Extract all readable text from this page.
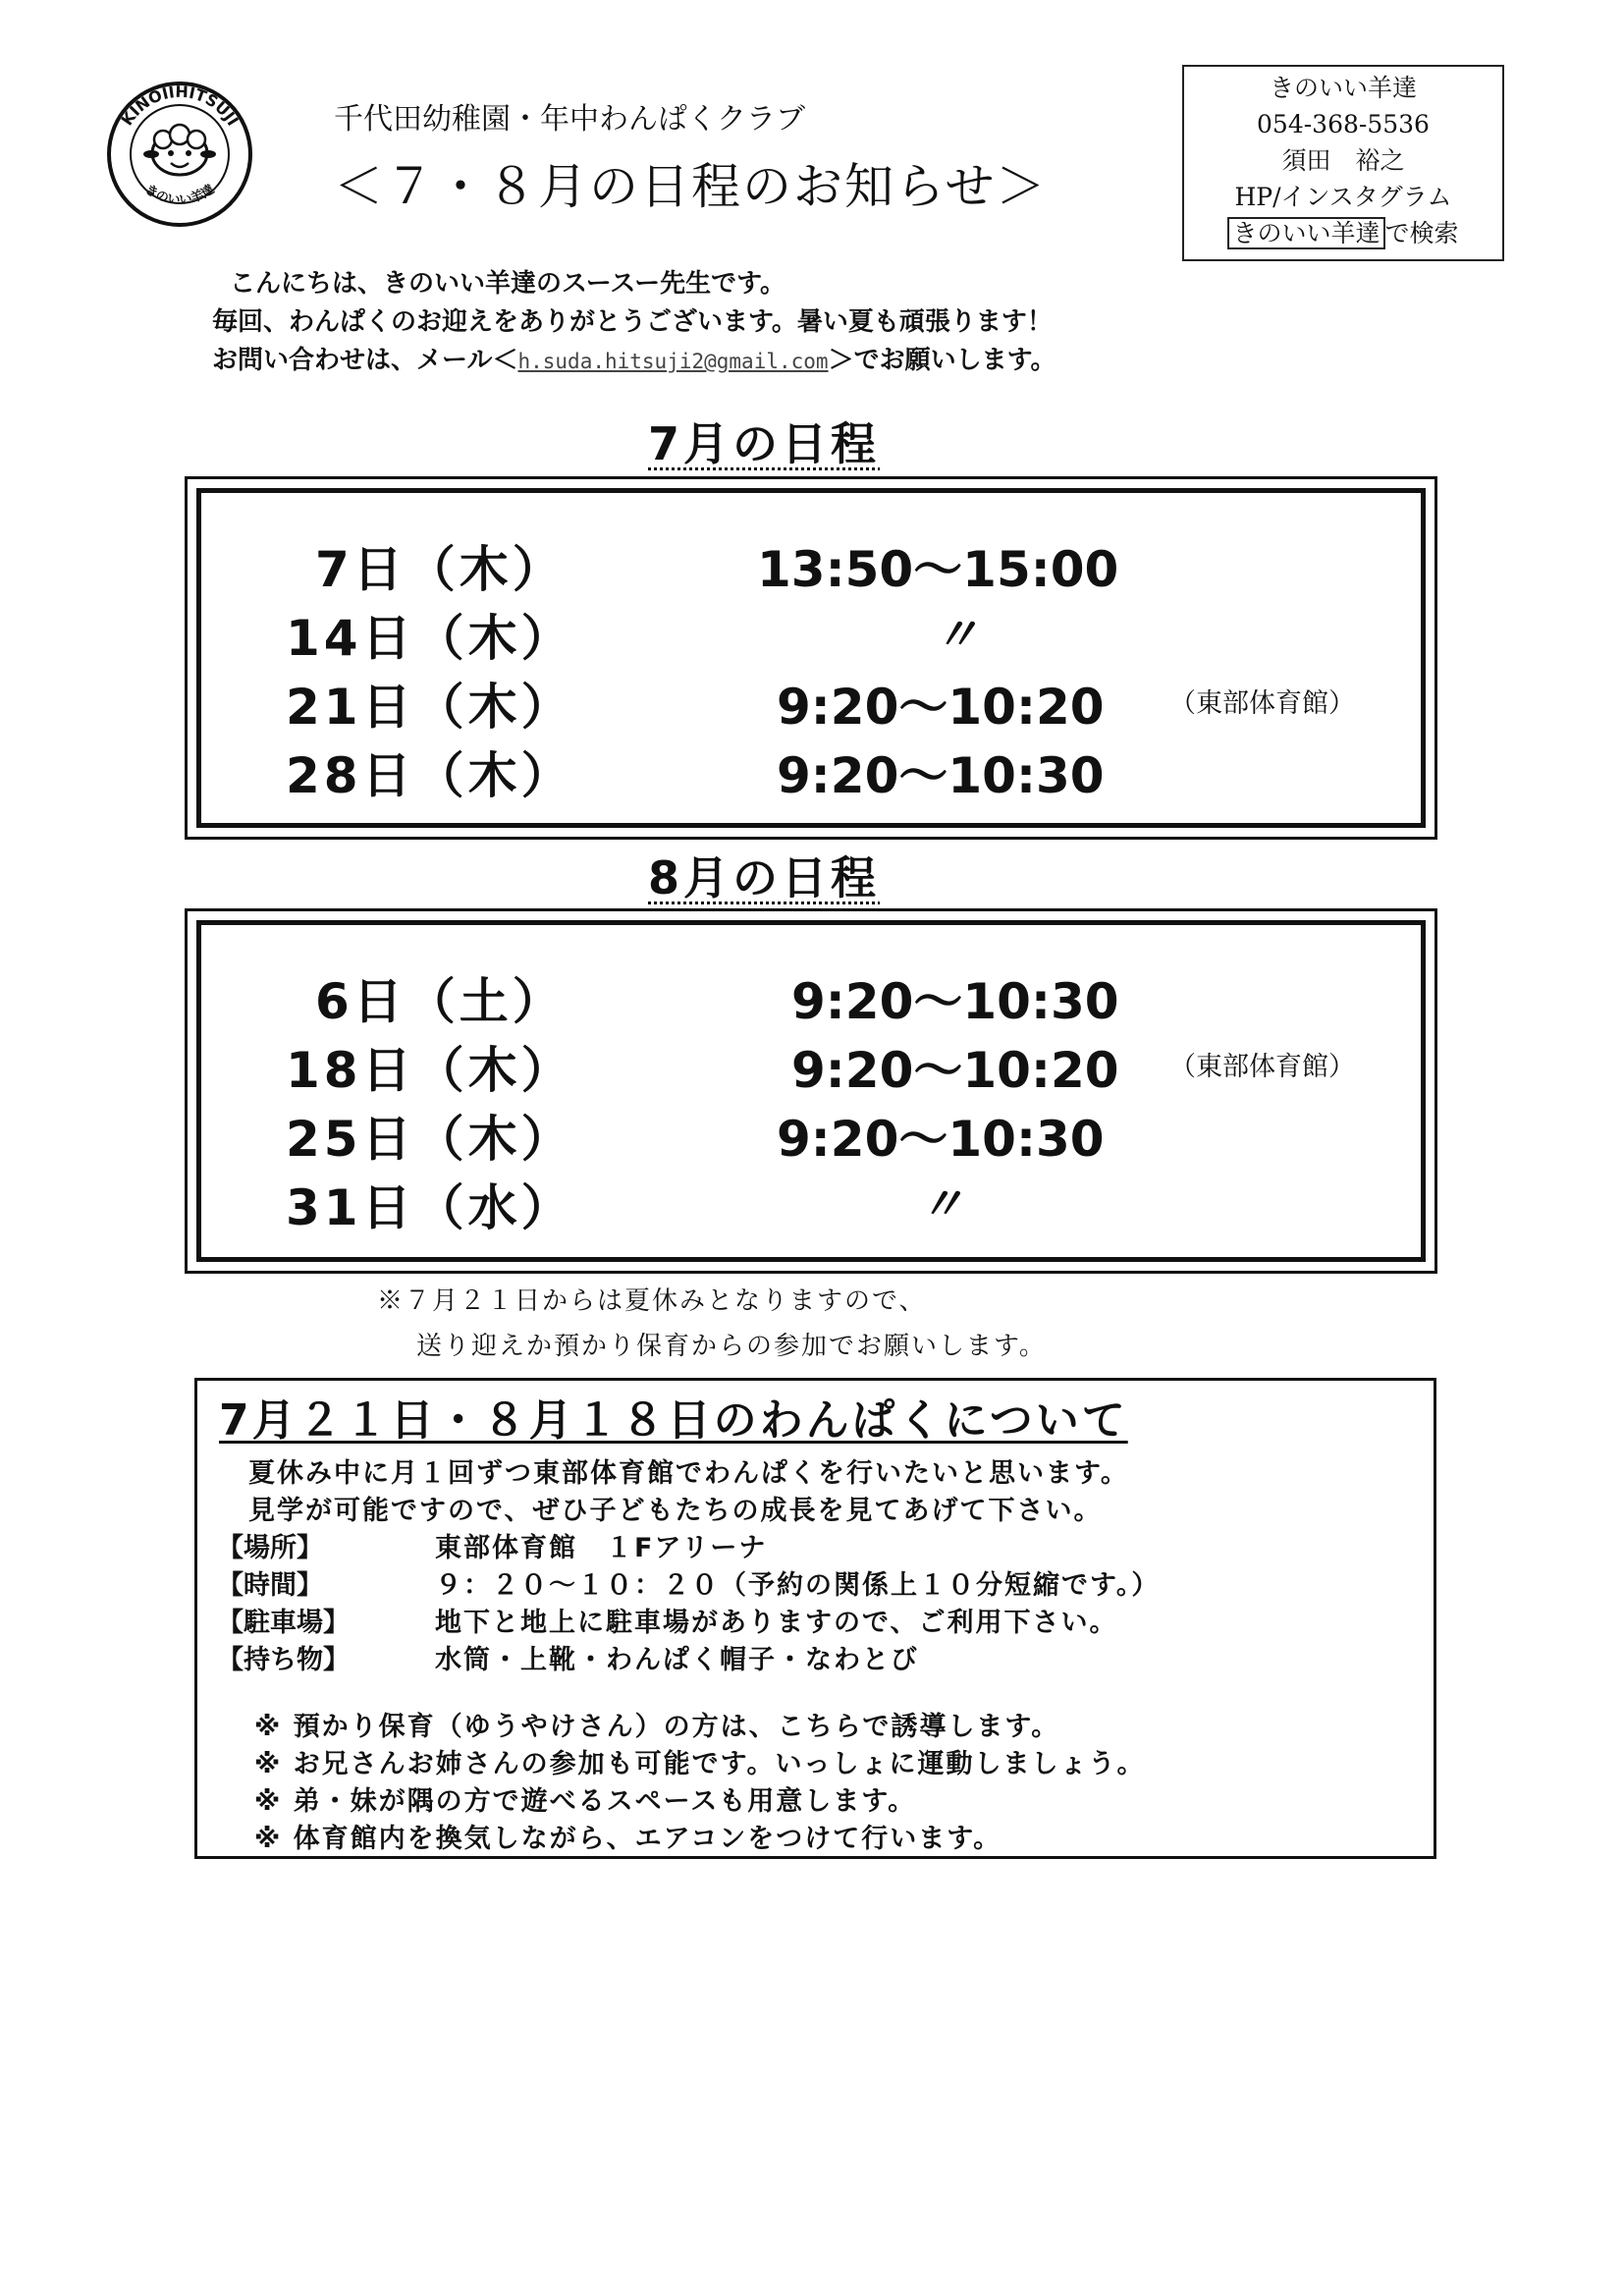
KINOIIHITSUJI
きのいい羊達
千代田幼稚園・年中わんぱくクラブ
＜７・８月の日程のお知らせ＞
きのいい羊達
054-368-5536
須田　裕之
HP/インスタグラム
きのいい羊達 で検索
こんにちは、きのいい羊達のスースー先生です。
毎回、わんぱくのお迎えをありがとうございます。暑い夏も頑張ります！
お問い合わせは、メール＜h.suda.hitsuji2@gmail.com＞でお願いします。
7月の日程
7日（木）	13:50〜15:00
14日（木）	〃
21日（木）	9:20〜10:20 （東部体育館）
28日（木）	9:20〜10:30
8月の日程
6日（土）	9:20〜10:30
18日（木）	9:20〜10:20 （東部体育館）
25日（木）	9:20〜10:30
31日（水）	〃
※７月２１日からは夏休みとなりますので、
送り迎えか預かり保育からの参加でお願いします。
7月２１日・８月１８日のわんぱくについて
夏休み中に月１回ずつ東部体育館でわんぱくを行いたいと思います。
見学が可能ですので、ぜひ子どもたちの成長を見てあげて下さい。
【場所】	東部体育館　１Fアリーナ
【時間】	９：２０〜１０：２０（予約の関係上１０分短縮です。）
【駐車場】	地下と地上に駐車場がありますので、ご利用下さい。
【持ち物】	水筒・上靴・わんぱく帽子・なわとび
※ 預かり保育（ゆうやけさん）の方は、こちらで誘導します。
※ お兄さんお姉さんの参加も可能です。いっしょに運動しましょう。
※ 弟・妹が隅の方で遊べるスペースも用意します。
※ 体育館内を換気しながら、エアコンをつけて行います。
